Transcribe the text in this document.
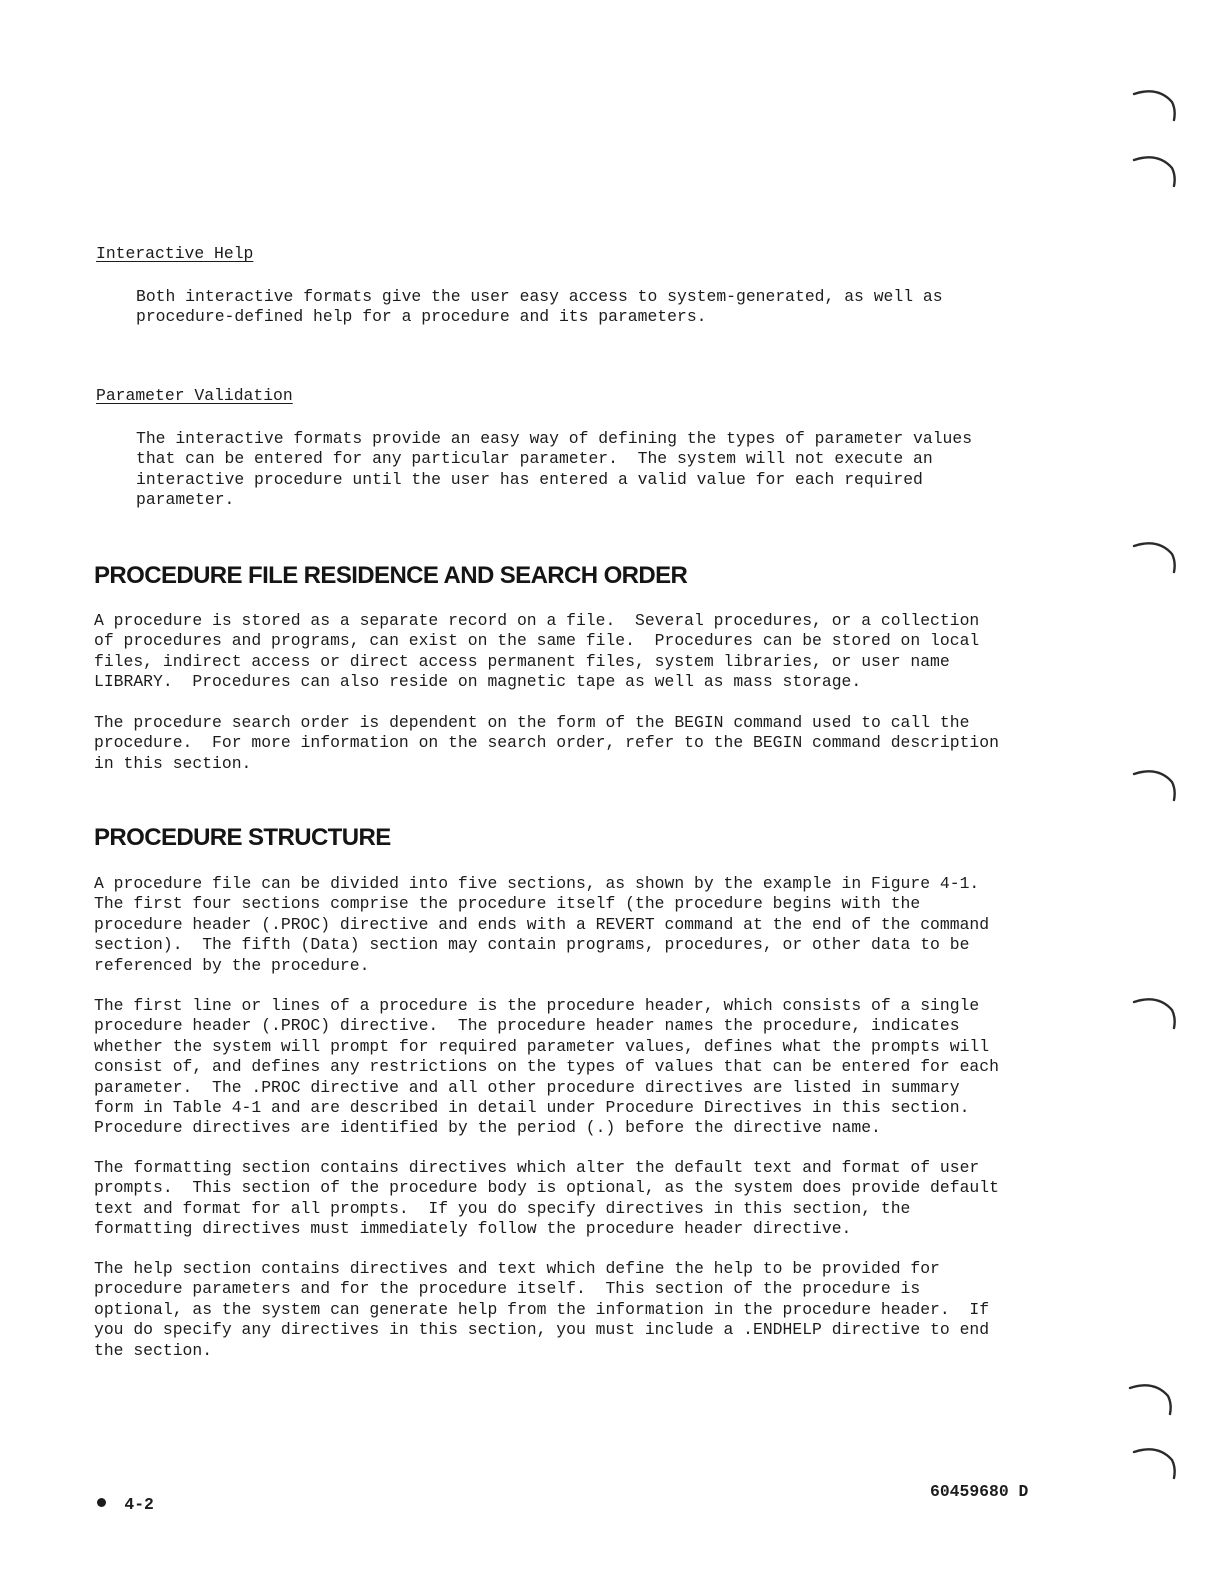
Interactive Help

Both interactive formats give the user easy access to system-generated, as well as
procedure-defined help for a procedure and its parameters.

Parameter Validation

The interactive formats provide an easy way of defining the types of parameter values
that can be entered for any particular parameter.  The system will not execute an
interactive procedure until the user has entered a valid value for each required
parameter.

PROCEDURE FILE RESIDENCE AND SEARCH ORDER

A procedure is stored as a separate record on a file.  Several procedures, or a collection
of procedures and programs, can exist on the same file.  Procedures can be stored on local
files, indirect access or direct access permanent files, system libraries, or user name
LIBRARY.  Procedures can also reside on magnetic tape as well as mass storage.

The procedure search order is dependent on the form of the BEGIN command used to call the
procedure.  For more information on the search order, refer to the BEGIN command description
in this section.

PROCEDURE STRUCTURE

A procedure file can be divided into five sections, as shown by the example in Figure 4-1.
The first four sections comprise the procedure itself (the procedure begins with the
procedure header (.PROC) directive and ends with a REVERT command at the end of the command
section).  The fifth (Data) section may contain programs, procedures, or other data to be
referenced by the procedure.

The first line or lines of a procedure is the procedure header, which consists of a single
procedure header (.PROC) directive.  The procedure header names the procedure, indicates
whether the system will prompt for required parameter values, defines what the prompts will
consist of, and defines any restrictions on the types of values that can be entered for each
parameter.  The .PROC directive and all other procedure directives are listed in summary
form in Table 4-1 and are described in detail under Procedure Directives in this section.
Procedure directives are identified by the period (.) before the directive name.

The formatting section contains directives which alter the default text and format of user
prompts.  This section of the procedure body is optional, as the system does provide default
text and format for all prompts.  If you do specify directives in this section, the
formatting directives must immediately follow the procedure header directive.

The help section contains directives and text which define the help to be provided for
procedure parameters and for the procedure itself.  This section of the procedure is
optional, as the system can generate help from the information in the procedure header.  If
you do specify any directives in this section, you must include a .ENDHELP directive to end
the section.

4-2

60459680 D
